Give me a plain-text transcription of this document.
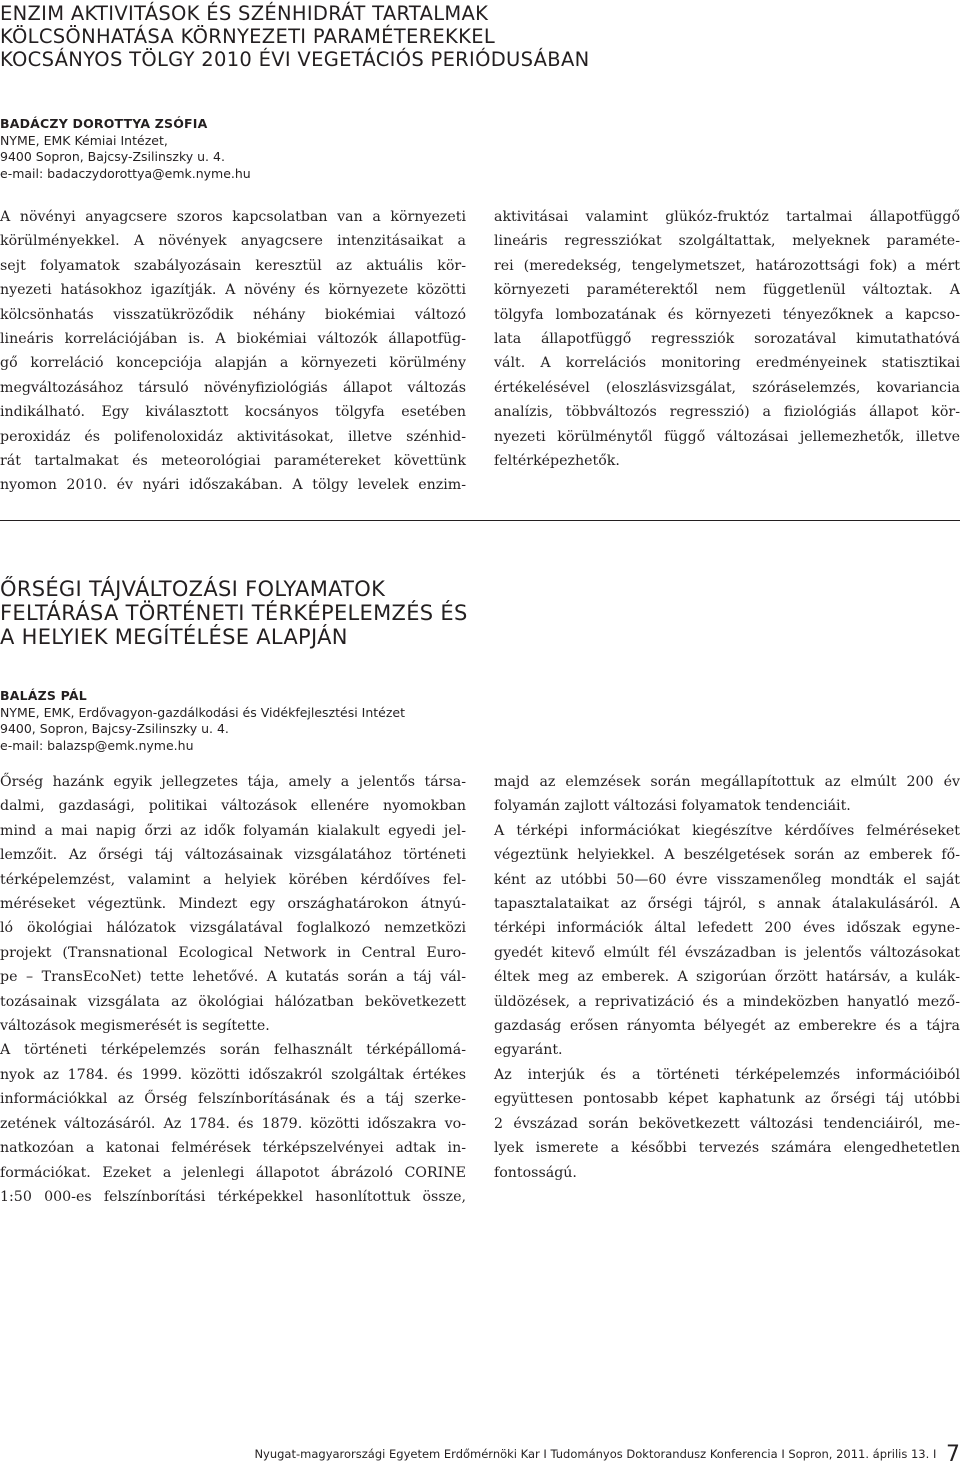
ENZIM AKTIVITÁSOK ÉS SZÉNHIDRÁT TARTALMAK
KÖLCSÖNHATÁSA KÖRNYEZETI PARAMÉTEREKKEL
KOCSÁNYOS TÖLGY 2010 ÉVI VEGETÁCIÓS PERIÓDUSÁBAN
BADÁCZY DOROTTYA ZSÓFIA
NYME, EMK Kémiai Intézet,
9400 Sopron, Bajcsy-Zsilinszky u. 4.
e-mail: badaczydorottya@emk.nyme.hu
A növényi anyagcsere szoros kapcsolatban van a környezeti
körülményekkel. A növények anyagcsere intenzitásaikat a
sejt folyamatok szabályozásain keresztül az aktuális kör-
nyezeti hatásokhoz igazítják. A növény és környezete közötti
kölcsönhatás visszatükröződik néhány biokémiai változó
lineáris korrelációjában is. A biokémiai változók állapotfüg-
gő korreláció koncepciója alapján a környezeti körülmény
megváltozásához társuló növényfiziológiás állapot változás
indikálható. Egy kiválasztott kocsányos tölgyfa esetében
peroxidáz és polifenoloxidáz aktivitásokat, illetve szénhid-
rát tartalmakat és meteorológiai paramétereket követtünk
nyomon 2010. év nyári időszakában. A tölgy levelek enzim-
aktivitásai valamint glükóz-fruktóz tartalmai állapotfüggő
lineáris regressziókat szolgáltattak, melyeknek paraméte-
rei (meredekség, tengelymetszet, határozottsági fok) a mért
környezeti paraméterektől nem függetlenül változtak. A
tölgyfa lombozatának és környezeti tényezőknek a kapcso-
lata állapotfüggő regressziók sorozatával kimutathatóvá
vált. A korrelációs monitoring eredményeinek statisztikai
értékelésével (eloszlásvizsgálat, szóráselemzés, kovariancia
analízis, többváltozós regresszió) a fiziológiás állapot kör-
nyezeti körülménytől függő változásai jellemezhetők, illetve
feltérképezhetők.
ŐRSÉGI TÁJVÁLTOZÁSI FOLYAMATOK
FELTÁRÁSA TÖRTÉNETI TÉRKÉPELEMZÉS ÉS
A HELYIEK MEGÍTÉLÉSE ALAPJÁN
BALÁZS PÁL
NYME, EMK, Erdővagyon-gazdálkodási és Vidékfejlesztési Intézet
9400, Sopron, Bajcsy-Zsilinszky u. 4.
e-mail: balazsp@emk.nyme.hu
Őrség hazánk egyik jellegzetes tája, amely a jelentős társa-
dalmi, gazdasági, politikai változások ellenére nyomokban
mind a mai napig őrzi az idők folyamán kialakult egyedi jel-
lemzőit. Az őrségi táj változásainak vizsgálatához történeti
térképelemzést, valamint a helyiek körében kérdőíves fel-
méréseket végeztünk. Mindezt egy országhatárokon átnyú-
ló ökológiai hálózatok vizsgálatával foglalkozó nemzetközi
projekt (Transnational Ecological Network in Central Euro-
pe – TransEcoNet) tette lehetővé. A kutatás során a táj vál-
tozásainak vizsgálata az ökológiai hálózatban bekövetkezett
változások megismerését is segítette.
A történeti térképelemzés során felhasznált térképállomá-
nyok az 1784. és 1999. közötti időszakról szolgáltak értékes
információkkal az Őrség felszínborításának és a táj szerke-
zetének változásáról. Az 1784. és 1879. közötti időszakra vo-
natkozóan a katonai felmérések térképszelvényei adtak in-
formációkat. Ezeket a jelenlegi állapotot ábrázoló CORINE
1:50 000-es felszínborítási térképekkel hasonlítottuk össze,
majd az elemzések során megállapítottuk az elmúlt 200 év
folyamán zajlott változási folyamatok tendenciáit.
A térképi információkat kiegészítve kérdőíves felméréseket
végeztünk helyiekkel. A beszélgetések során az emberek fő-
ként az utóbbi 50—60 évre visszamenőleg mondták el saját
tapasztalataikat az őrségi tájról, s annak átalakulásáról. A
térképi információk által lefedett 200 éves időszak egyne-
gyedét kitevő elmúlt fél évszázadban is jelentős változásokat
éltek meg az emberek. A szigorúan őrzött határsáv, a kulák-
üldözések, a reprivatizáció és a mindeközben hanyatló mező-
gazdaság erősen rányomta bélyegét az emberekre és a tájra
egyaránt.
Az interjúk és a történeti térképelemzés információiból
együttesen pontosabb képet kaphatunk az őrségi táj utóbbi
2 évszázad során bekövetkezett változási tendenciáiról, me-
lyek ismerete a későbbi tervezés számára elengedhetetlen
fontosságú.
Nyugat-magyarországi Egyetem Erdőmérnöki Kar I Tudományos Doktorandusz Konferencia I Sopron, 2011. április 13. I 7
